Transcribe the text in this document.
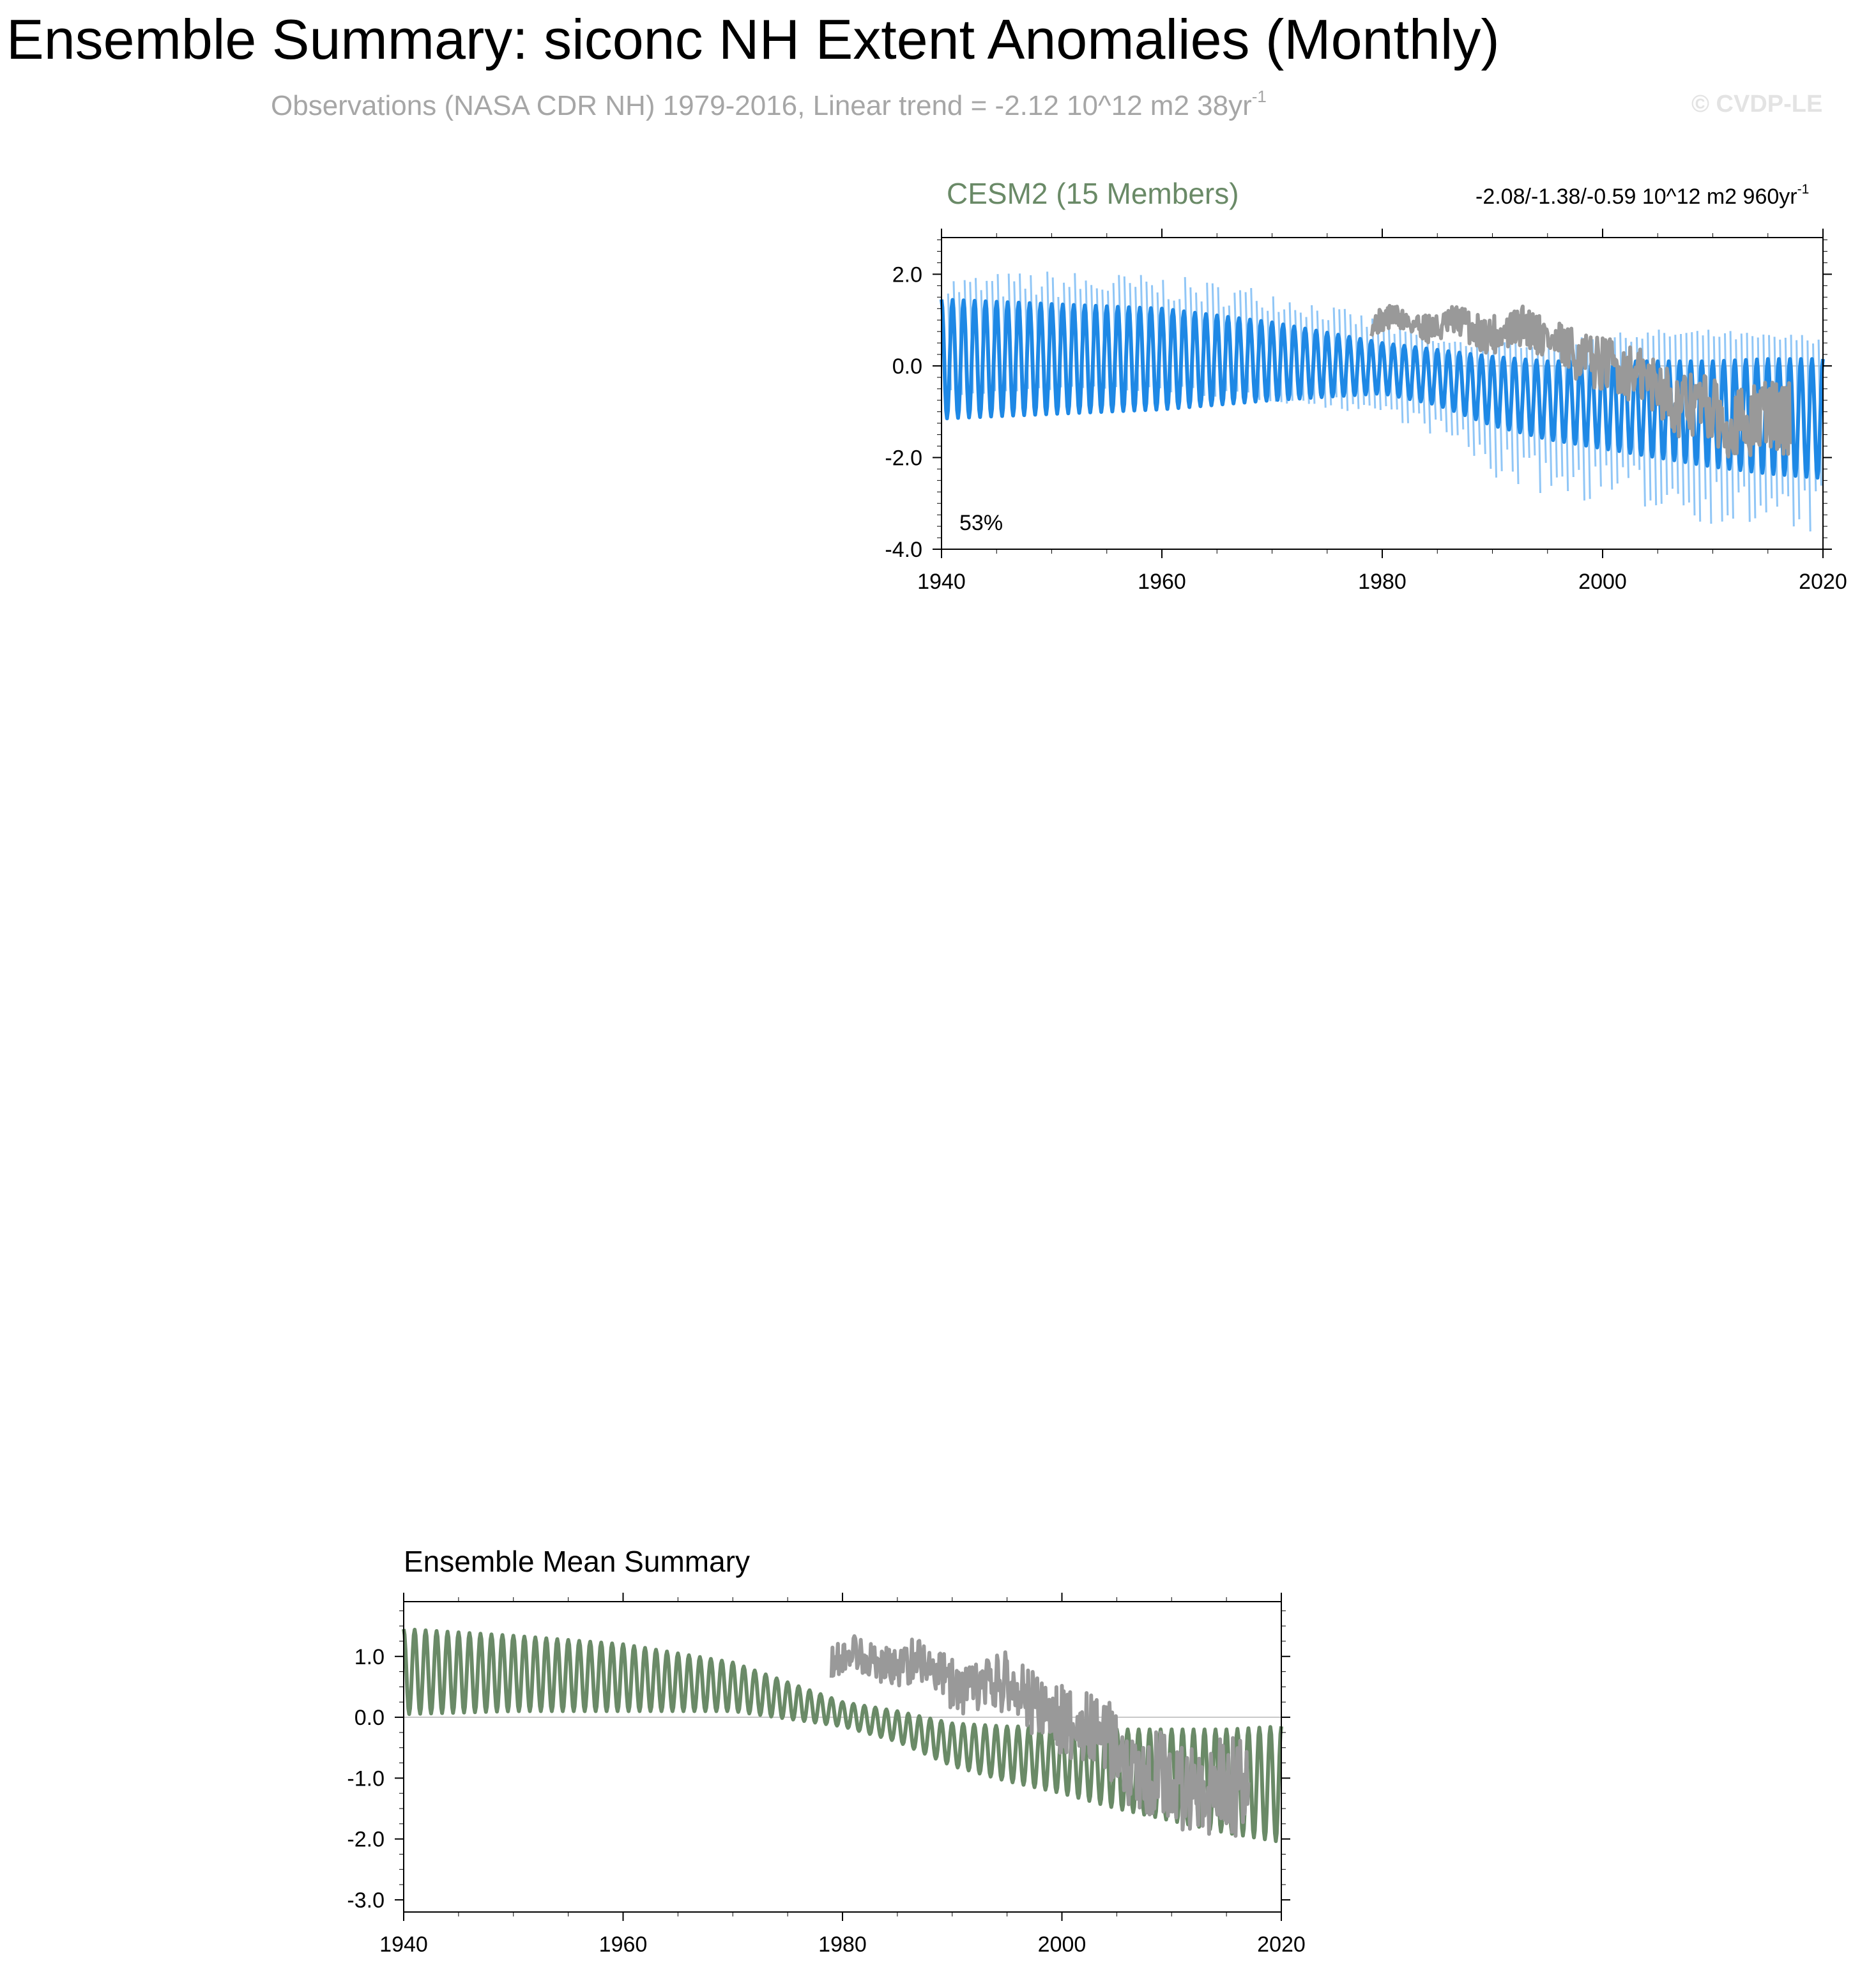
Ensemble Summary: siconc NH Extent Anomalies (Monthly)
Observations (NASA CDR NH) 1979-2016, Linear trend = -2.12 10^12 m2 $38yr^{-1}$	© CVDP-LE
CESM2 (15 Members)	-2.08/-1.38/-0.59 10^12 m2 $960yr^{-1}$
Ensemble Mean Summary
-4.0
-2.0
0.0
2.0
1940	1960	1980	2000	2020
53%
-3.0
-2.0
-1.0
0.0
1.0
1940	1960	1980	2000	2020
